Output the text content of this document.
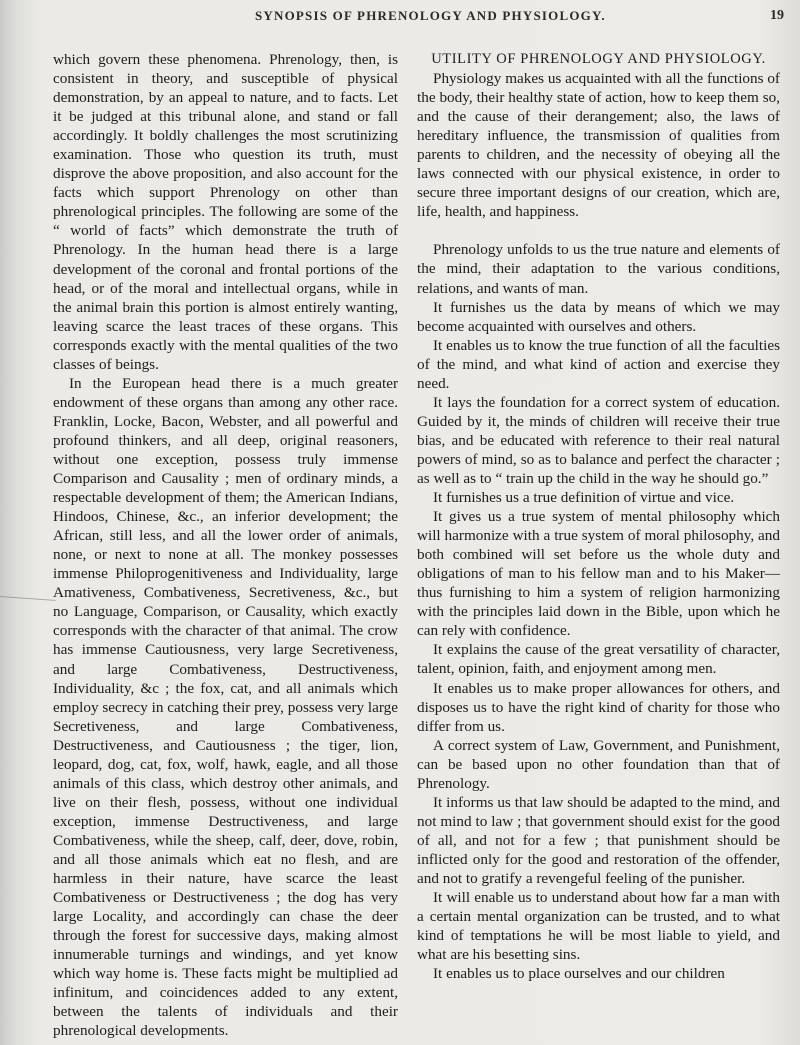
SYNOPSIS OF PHRENOLOGY AND PHYSIOLOGY.	19

which govern these phenomena. Phrenology, then, is consistent in theory, and susceptible of physical demonstration, by an appeal to nature, and to facts. Let it be judged at this tribunal alone, and stand or fall accordingly. It boldly challenges the most scrutinizing examination. Those who question its truth, must disprove the above proposition, and also account for the facts which support Phrenology on other than phrenological principles. The following are some of the “ world of facts” which demonstrate the truth of Phrenology. In the human head there is a large development of the coronal and frontal portions of the head, or of the moral and intellectual organs, while in the animal brain this portion is almost entirely wanting, leaving scarce the least traces of these organs. This corresponds exactly with the mental qualities of the two classes of beings.

In the European head there is a much greater endowment of these organs than among any other race. Franklin, Locke, Bacon, Webster, and all powerful and profound thinkers, and all deep, original reasoners, without one exception, possess truly immense Comparison and Causality ; men of ordinary minds, a respectable development of them; the American Indians, Hindoos, Chinese, &c., an inferior development; the African, still less, and all the lower order of animals, none, or next to none at all. The monkey possesses immense Philoprogenitiveness and Individuality, large Amativeness, Combativeness, Secretiveness, &c., but no Language, Comparison, or Causality, which exactly corresponds with the character of that animal. The crow has immense Cautiousness, very large Secretiveness, and large Combativeness, Destructiveness, Individuality, &c ; the fox, cat, and all animals which employ secrecy in catching their prey, possess very large Secretiveness, and large Combativeness, Destructiveness, and Cautiousness ; the tiger, lion, leopard, dog, cat, fox, wolf, hawk, eagle, and all those animals of this class, which destroy other animals, and live on their flesh, possess, without one individual exception, immense Destructiveness, and large Combativeness, while the sheep, calf, deer, dove, robin, and all those animals which eat no flesh, and are harmless in their nature, have scarce the least Combativeness or Destructiveness ; the dog has very large Locality, and accordingly can chase the deer through the forest for successive days, making almost innumerable turnings and windings, and yet know which way home is. These facts might be multiplied ad infinitum, and coincidences added to any extent, between the talents of individuals and their phrenological developments.

UTILITY OF PHRENOLOGY AND PHYSIOLOGY.

Physiology makes us acquainted with all the functions of the body, their healthy state of action, how to keep them so, and the cause of their derangement; also, the laws of hereditary influence, the transmission of qualities from parents to children, and the necessity of obeying all the laws connected with our physical existence, in order to secure three important designs of our creation, which are, life, health, and happiness.

Phrenology unfolds to us the true nature and elements of the mind, their adaptation to the various conditions, relations, and wants of man.

It furnishes us the data by means of which we may become acquainted with ourselves and others.

It enables us to know the true function of all the faculties of the mind, and what kind of action and exercise they need.

It lays the foundation for a correct system of education. Guided by it, the minds of children will receive their true bias, and be educated with reference to their real natural powers of mind, so as to balance and perfect the character ; as well as to “ train up the child in the way he should go.”

It furnishes us a true definition of virtue and vice.

It gives us a true system of mental philosophy which will harmonize with a true system of moral philosophy, and both combined will set before us the whole duty and obligations of man to his fellow man and to his Maker—thus furnishing to him a system of religion harmonizing with the principles laid down in the Bible, upon which he can rely with confidence.

It explains the cause of the great versatility of character, talent, opinion, faith, and enjoyment among men.

It enables us to make proper allowances for others, and disposes us to have the right kind of charity for those who differ from us.

A correct system of Law, Government, and Punishment, can be based upon no other foundation than that of Phrenology.

It informs us that law should be adapted to the mind, and not mind to law ; that government should exist for the good of all, and not for a few ; that punishment should be inflicted only for the good and restoration of the offender, and not to gratify a revengeful feeling of the punisher.

It will enable us to understand about how far a man with a certain mental organization can be trusted, and to what kind of temptations he will be most liable to yield, and what are his besetting sins.

It enables us to place ourselves and our children
